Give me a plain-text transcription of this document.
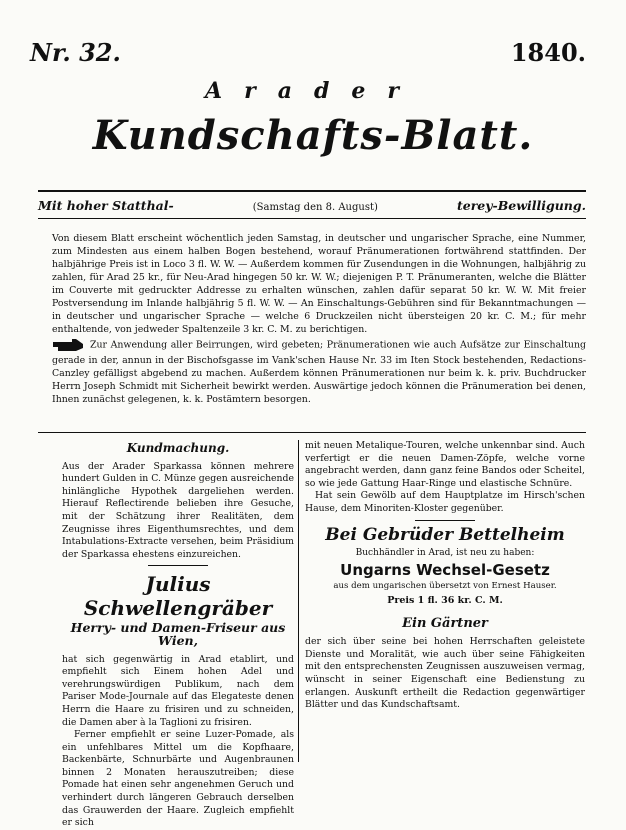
Nr. 32.	1840.
Arader
Kundschafts-Blatt.
Mit hoher Statthal-	(Samstag den 8. August)	terey-Bewilligung.

Von diesem Blatt erscheint wöchentlich jeden Samstag, in deutscher und ungarischer Sprache, eine Nummer, zum Mindesten aus einem halben Bogen bestehend, worauf Pränumerationen fortwährend stattfinden. Der halbjährige Preis ist in Loco 3 fl. W. W. — Außerdem kommen für Zusendungen in die Wohnungen, halbjährig zu zahlen, für Arad 25 kr., für Neu-Arad hingegen 50 kr. W. W.; diejenigen P. T. Pränumeranten, welche die Blätter im Couverte mit gedruckter Addresse zu erhalten wünschen, zahlen dafür separat 50 kr. W. W. Mit freier Postversendung im Inlande halbjährig 5 fl. W. W. — An Einschaltungs-Gebühren sind für Bekanntmachungen — in deutscher und ungarischer Sprache — welche 6 Druckzeilen nicht übersteigen 20 kr. C. M.; für mehr enthaltende, von jedweder Spaltenzeile 3 kr. C. M. zu berichtigen.

Zur Anwendung aller Beirrungen, wird gebeten; Pränumerationen wie auch Aufsätze zur Einschaltung gerade in der, annun in der Bischofsgasse im Vank'schen Hause Nr. 33 im Iten Stock bestehenden, Redactions-Canzley gefälligst abgebend zu machen. Außerdem können Pränumerationen nur beim k. k. priv. Buchdrucker Herrn Joseph Schmidt mit Sicherheit bewirkt werden. Auswärtige jedoch können die Pränumeration bei denen, Ihnen zunächst gelegenen, k. k. Postämtern besorgen.

Kundmachung.

Aus der Arader Sparkassa können mehrere hundert Gulden in C. Münze gegen ausreichende hinlängliche Hypothek dargeliehen werden. Hierauf Reflectirende belieben ihre Gesuche, mit der Schätzung ihrer Realitäten, dem Zeugnisse ihres Eigenthumsrechtes, und dem Intabulations-Extracte versehen, beim Präsidium der Sparkassa ehestens einzureichen.

Julius Schwellengräber
Herry- und Damen-Friseur aus Wien,

hat sich gegenwärtig in Arad etablirt, und empfiehlt sich Einem hohen Adel und verehrungswürdigen Publikum, nach dem Pariser Mode-Journale auf das Elegateste denen Herrn die Haare zu frisiren und zu schneiden, die Damen aber à la Taglioni zu frisiren.

Ferner empfiehlt er seine Luzer-Pomade, als ein unfehlbares Mittel um die Kopfhaare, Backenbärte, Schnurbärte und Augenbraunen binnen 2 Monaten herauszutreiben; diese Pomade hat einen sehr angenehmen Geruch und verhindert durch längeren Gebrauch derselben das Grauwerden der Haare. Zugleich empfiehlt er sich

mit neuen Metalique-Touren, welche unkennbar sind. Auch verfertigt er die neuen Damen-Zöpfe, welche vorne angebracht werden, dann ganz feine Bandos oder Scheitel, so wie jede Gattung Haar-Ringe und elastische Schnüre.

Hat sein Gewölb auf dem Hauptplatze im Hirsch'schen Hause, dem Minoriten-Kloster gegenüber.

Bei Gebrüder Bettelheim
Buchhändler in Arad, ist neu zu haben:
Ungarns Wechsel-Gesetz
aus dem ungarischen übersetzt von Ernest Hauser.
Preis 1 fl. 36 kr. C. M.
Ein Gärtner

der sich über seine bei hohen Herrschaften geleistete Dienste und Moralität, wie auch über seine Fähigkeiten mit den entsprechensten Zeugnissen auszuweisen vermag, wünscht in seiner Eigenschaft eine Bedienstung zu erlangen. Auskunft ertheilt die Redaction gegenwärtiger Blätter und das Kundschaftsamt.
